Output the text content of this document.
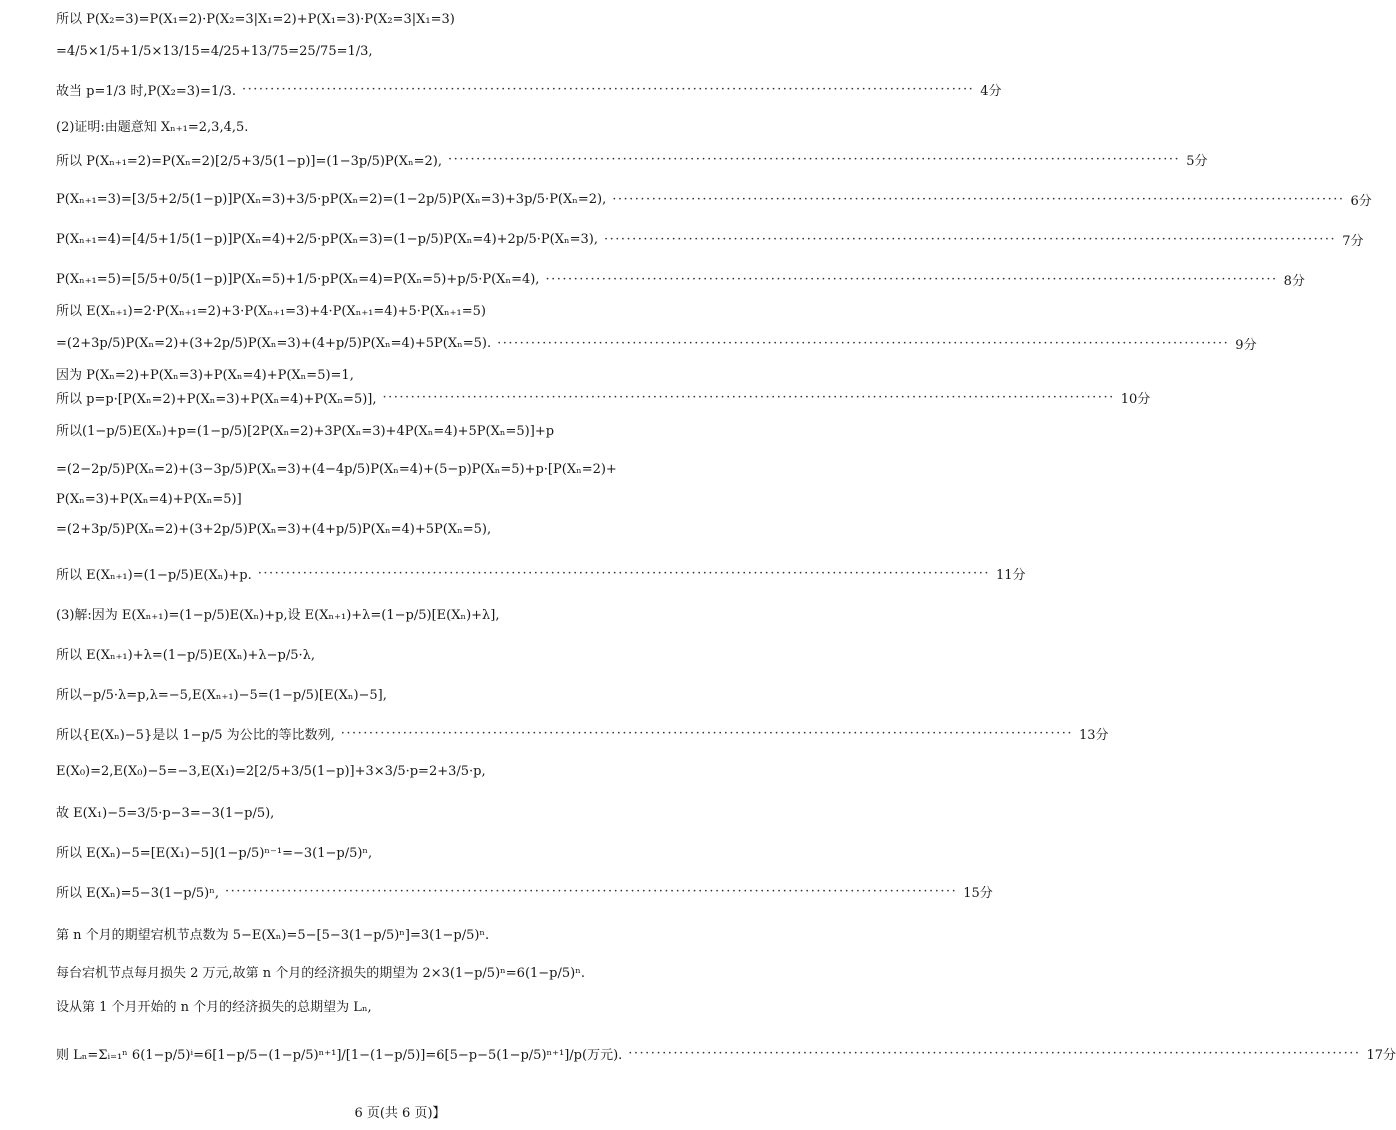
所以 P(X₂=3)=P(X₁=2)·P(X₂=3|X₁=2)+P(X₁=3)·P(X₂=3|X₁=3)
=4/5×1/5+1/5×13/15=4/25+13/75=25/75=1/3,
故当 p=1/3 时,P(X₂=3)=1/3. ·································································································································· 4分
(2)证明:由题意知 Xₙ₊₁=2,3,4,5.
所以 P(Xₙ₊₁=2)=P(Xₙ=2)[2/5+3/5(1−p)]=(1−3p/5)P(Xₙ=2), ·································································································································· 5分
P(Xₙ₊₁=3)=[3/5+2/5(1−p)]P(Xₙ=3)+3/5·pP(Xₙ=2)=(1−2p/5)P(Xₙ=3)+3p/5·P(Xₙ=2), ·································································································································· 6分
P(Xₙ₊₁=4)=[4/5+1/5(1−p)]P(Xₙ=4)+2/5·pP(Xₙ=3)=(1−p/5)P(Xₙ=4)+2p/5·P(Xₙ=3), ·································································································································· 7分
P(Xₙ₊₁=5)=[5/5+0/5(1−p)]P(Xₙ=5)+1/5·pP(Xₙ=4)=P(Xₙ=5)+p/5·P(Xₙ=4), ·································································································································· 8分
所以 E(Xₙ₊₁)=2·P(Xₙ₊₁=2)+3·P(Xₙ₊₁=3)+4·P(Xₙ₊₁=4)+5·P(Xₙ₊₁=5)
=(2+3p/5)P(Xₙ=2)+(3+2p/5)P(Xₙ=3)+(4+p/5)P(Xₙ=4)+5P(Xₙ=5). ·································································································································· 9分
因为 P(Xₙ=2)+P(Xₙ=3)+P(Xₙ=4)+P(Xₙ=5)=1,
所以 p=p·[P(Xₙ=2)+P(Xₙ=3)+P(Xₙ=4)+P(Xₙ=5)], ·································································································································· 10分
所以(1−p/5)E(Xₙ)+p=(1−p/5)[2P(Xₙ=2)+3P(Xₙ=3)+4P(Xₙ=4)+5P(Xₙ=5)]+p
=(2−2p/5)P(Xₙ=2)+(3−3p/5)P(Xₙ=3)+(4−4p/5)P(Xₙ=4)+(5−p)P(Xₙ=5)+p·[P(Xₙ=2)+
P(Xₙ=3)+P(Xₙ=4)+P(Xₙ=5)]
=(2+3p/5)P(Xₙ=2)+(3+2p/5)P(Xₙ=3)+(4+p/5)P(Xₙ=4)+5P(Xₙ=5),
所以 E(Xₙ₊₁)=(1−p/5)E(Xₙ)+p. ·································································································································· 11分
(3)解:因为 E(Xₙ₊₁)=(1−p/5)E(Xₙ)+p,设 E(Xₙ₊₁)+λ=(1−p/5)[E(Xₙ)+λ],
所以 E(Xₙ₊₁)+λ=(1−p/5)E(Xₙ)+λ−p/5·λ,
所以−p/5·λ=p,λ=−5,E(Xₙ₊₁)−5=(1−p/5)[E(Xₙ)−5],
所以{E(Xₙ)−5}是以 1−p/5 为公比的等比数列, ·································································································································· 13分
E(X₀)=2,E(X₀)−5=−3,E(X₁)=2[2/5+3/5(1−p)]+3×3/5·p=2+3/5·p,
故 E(X₁)−5=3/5·p−3=−3(1−p/5),
所以 E(Xₙ)−5=[E(X₁)−5](1−p/5)ⁿ⁻¹=−3(1−p/5)ⁿ,
所以 E(Xₙ)=5−3(1−p/5)ⁿ, ·································································································································· 15分
第 n 个月的期望宕机节点数为 5−E(Xₙ)=5−[5−3(1−p/5)ⁿ]=3(1−p/5)ⁿ.
每台宕机节点每月损失 2 万元,故第 n 个月的经济损失的期望为 2×3(1−p/5)ⁿ=6(1−p/5)ⁿ.
设从第 1 个月开始的 n 个月的经济损失的总期望为 Lₙ,
则 Lₙ=Σᵢ₌₁ⁿ 6(1−p/5)ⁱ=6[1−p/5−(1−p/5)ⁿ⁺¹]/[1−(1−p/5)]=6[5−p−5(1−p/5)ⁿ⁺¹]/p(万元). ·································································································································· 17分
6 页(共 6 页)】
